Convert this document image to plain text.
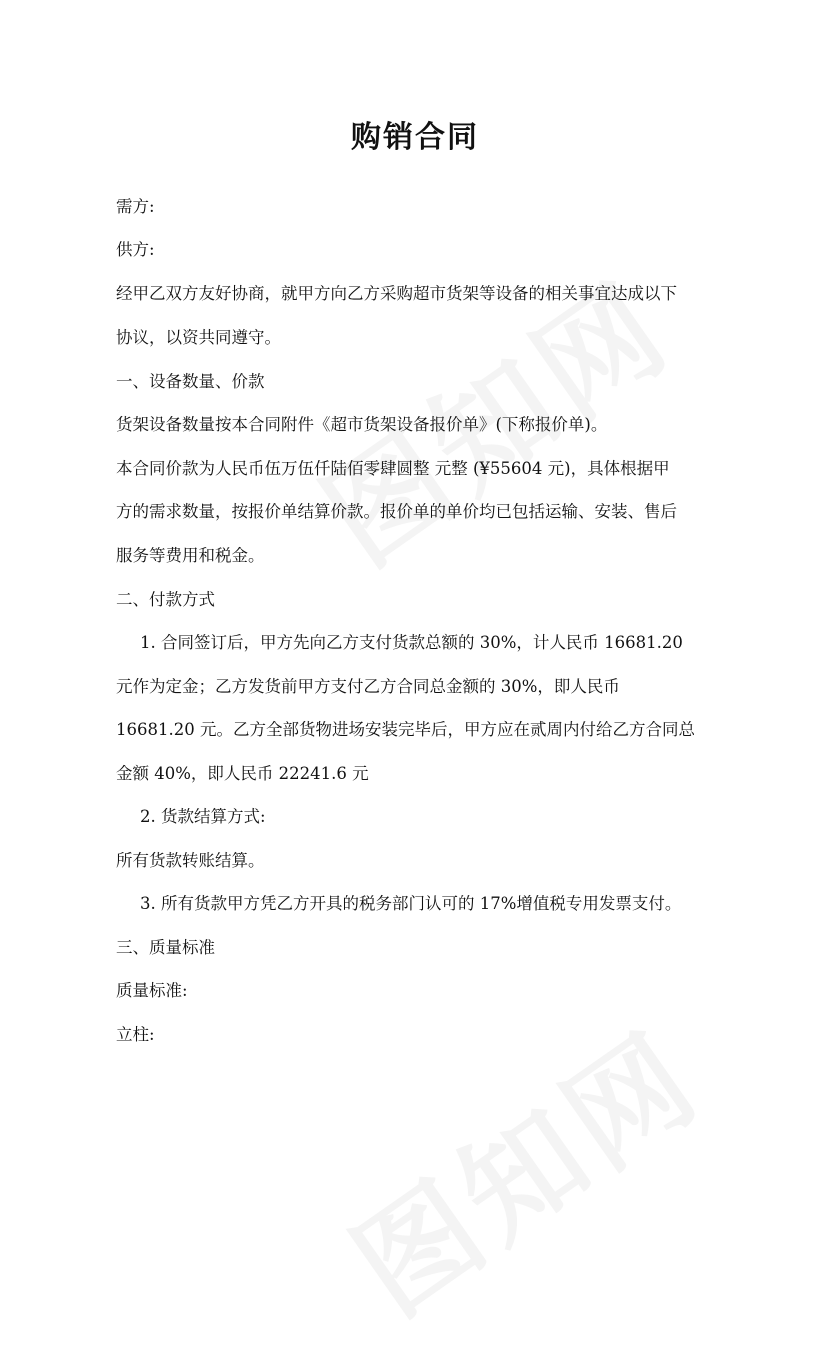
购销合同
需方:
供方:
经甲乙双方友好协商，就甲方向乙方采购超市货架等设备的相关事宜达成以下
协议，以资共同遵守。
一、设备数量、价款
货架设备数量按本合同附件《超市货架设备报价单》(下称报价单)。
本合同价款为人民币伍万伍仟陆佰零肆圆整 元整 (¥55604 元)，具体根据甲
方的需求数量，按报价单结算价款。报价单的单价均已包括运输、安装、售后
服务等费用和税金。
二、付款方式
1. 合同签订后，甲方先向乙方支付货款总额的 30%，计人民币 16681.20
元作为定金；乙方发货前甲方支付乙方合同总金额的 30%，即人民币
16681.20 元。乙方全部货物进场安装完毕后，甲方应在贰周内付给乙方合同总
金额 40%，即人民币 22241.6 元
2. 货款结算方式:
所有货款转账结算。
3. 所有货款甲方凭乙方开具的税务部门认可的 17%增值税专用发票支付。
三、质量标准
质量标准:
立柱:
